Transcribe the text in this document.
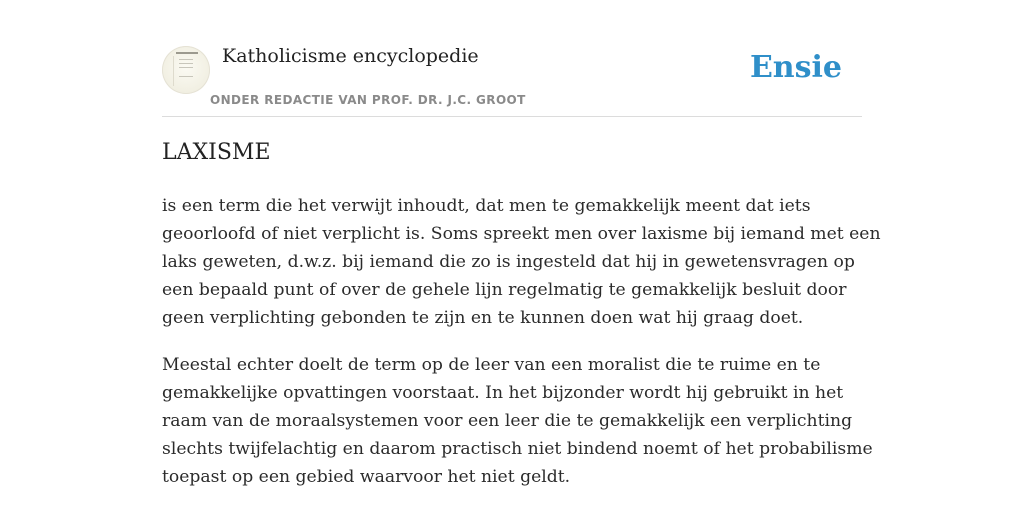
Katholicisme encyclopedie
ONDER REDACTIE VAN PROF. DR. J.C. GROOT
Ensie
LAXISME

is een term die het verwijt inhoudt, dat men te gemakkelijk meent dat iets geoorloofd of niet verplicht is. Soms spreekt men over laxisme bij iemand met een laks geweten, d.w.z. bij iemand die zo is ingesteld dat hij in gewetensvragen op een bepaald punt of over de gehele lijn regelmatig te gemakkelijk besluit door geen verplichting gebonden te zijn en te kunnen doen wat hij graag doet.

Meestal echter doelt de term op de leer van een moralist die te ruime en te gemakkelijke opvattingen voorstaat. In het bijzonder wordt hij gebruikt in het raam van de moraalsystemen voor een leer die te gemakkelijk een verplichting slechts twijfelachtig en daarom practisch niet bindend noemt of het probabilisme toepast op een gebied waarvoor het niet geldt.
